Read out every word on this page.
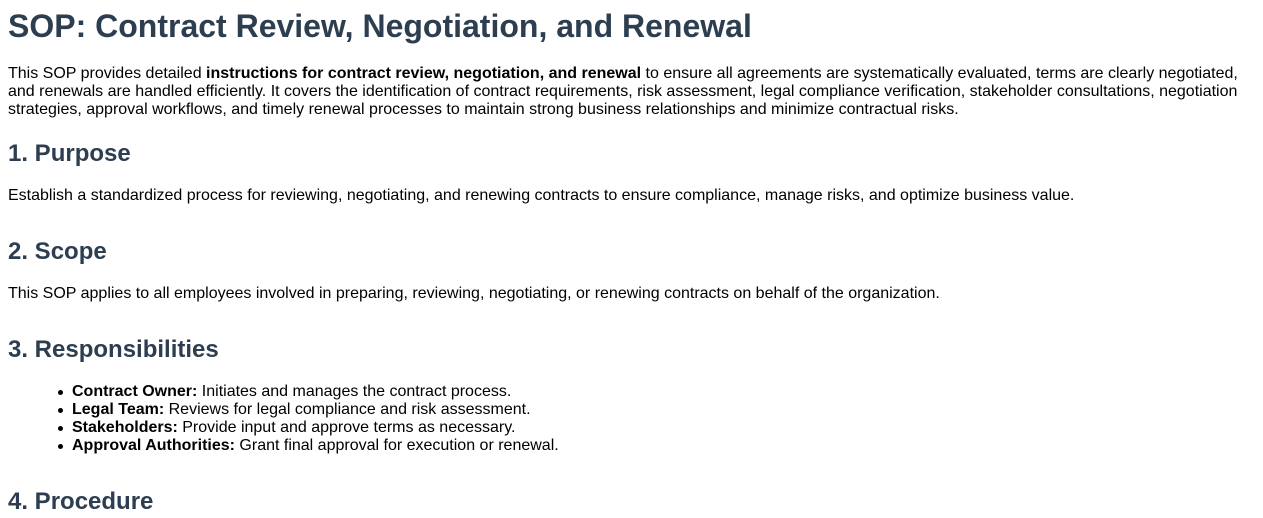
SOP: Contract Review, Negotiation, and Renewal

This SOP provides detailed instructions for contract review, negotiation, and renewal to ensure all agreements are systematically evaluated, terms are clearly negotiated, and renewals are handled efficiently. It covers the identification of contract requirements, risk assessment, legal compliance verification, stakeholder consultations, negotiation strategies, approval workflows, and timely renewal processes to maintain strong business relationships and minimize contractual risks.

1. Purpose

Establish a standardized process for reviewing, negotiating, and renewing contracts to ensure compliance, manage risks, and optimize business value.

2. Scope

This SOP applies to all employees involved in preparing, reviewing, negotiating, or renewing contracts on behalf of the organization.

3. Responsibilities
Contract Owner: Initiates and manages the contract process.
Legal Team: Reviews for legal compliance and risk assessment.
Stakeholders: Provide input and approve terms as necessary.
Approval Authorities: Grant final approval for execution or renewal.
4. Procedure
